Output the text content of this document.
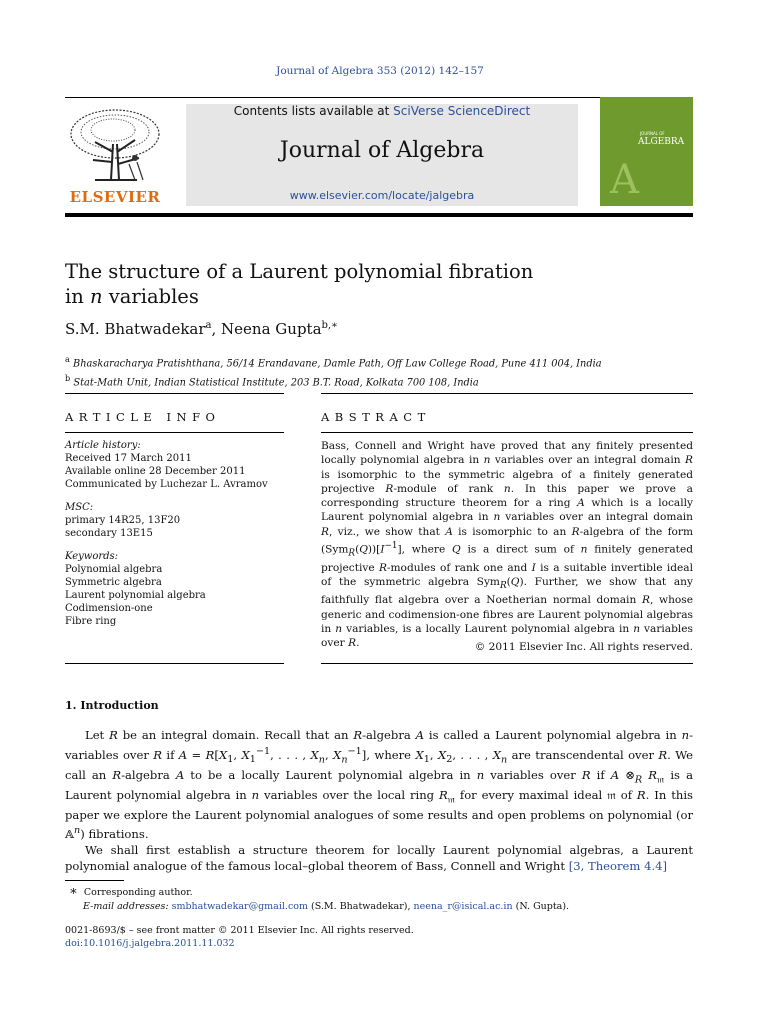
Journal of Algebra 353 (2012) 142–157
ELSEVIER
Contents lists available at SciVerse ScienceDirect
Journal of Algebra
www.elsevier.com/locate/jalgebra
JOURNAL OF
ALGEBRA
A
The structure of a Laurent polynomial fibration
in n variables
S.M. Bhatwadekar$^a$, Neena Gupta$^{b,∗}$
$^a$ Bhaskaracharya Pratishthana, 56/14 Erandavane, Damle Path, Off Law College Road, Pune 411 004, India
$^b$ Stat-Math Unit, Indian Statistical Institute, 203 B.T. Road, Kolkata 700 108, India
ARTICLE INFO	ABSTRACT
Article history:
Received 17 March 2011
Available online 28 December 2011
Communicated by Luchezar L. Avramov
MSC:
primary 14R25, 13F20
secondary 13E15
Keywords:
Polynomial algebra
Symmetric algebra
Laurent polynomial algebra
Codimension-one
Fibre ring
Bass, Connell and Wright have proved that any finitely presented locally polynomial algebra in n variables over an integral domain R is isomorphic to the symmetric algebra of a finitely generated projective R-module of rank n. In this paper we prove a corresponding structure theorem for a ring A which is a locally Laurent polynomial algebra in n variables over an integral domain R, viz., we show that A is isomorphic to an R-algebra of the form $(Sym_R(Q))[I^{-1}]$, where Q is a direct sum of n finitely generated projective R-modules of rank one and I is a suitable invertible ideal of the symmetric algebra Sym$_R$(Q). Further, we show that any faithfully flat algebra over a Noetherian normal domain R, whose generic and codimension-one fibres are Laurent polynomial algebras in n variables, is a locally Laurent polynomial algebra in n variables over R.	© 2011 Elsevier Inc. All rights reserved.
1. Introduction

Let R be an integral domain. Recall that an R-algebra A is called a Laurent polynomial algebra in n-variables over R if $A = R[X_1$, $X_1^{-1}$, . . . , $X_n$, $X_n^{-1}$], where $X_1$, $X_2$, . . . , $X_n$ are transcendental over R. We call an R-algebra A to be a locally Laurent polynomial algebra in n variables over R if A $\otimes_R$ $R_𝔪$ is a Laurent polynomial algebra in n variables over the local ring $R_𝔪$ for every maximal ideal 𝔪 of R. In this paper we explore the Laurent polynomial analogues of some results and open problems on polynomial (or 𝔸$^n$) fibrations.

We shall first establish a structure theorem for locally Laurent polynomial algebras, a Laurent polynomial analogue of the famous local–global theorem of Bass, Connell and Wright [3, Theorem 4.4]

∗ Corresponding author.
E-mail addresses: smbhatwadekar@gmail.com (S.M. Bhatwadekar), neena_r@isical.ac.in (N. Gupta).
0021-8693/$ – see front matter © 2011 Elsevier Inc. All rights reserved.
doi:10.1016/j.jalgebra.2011.11.032
